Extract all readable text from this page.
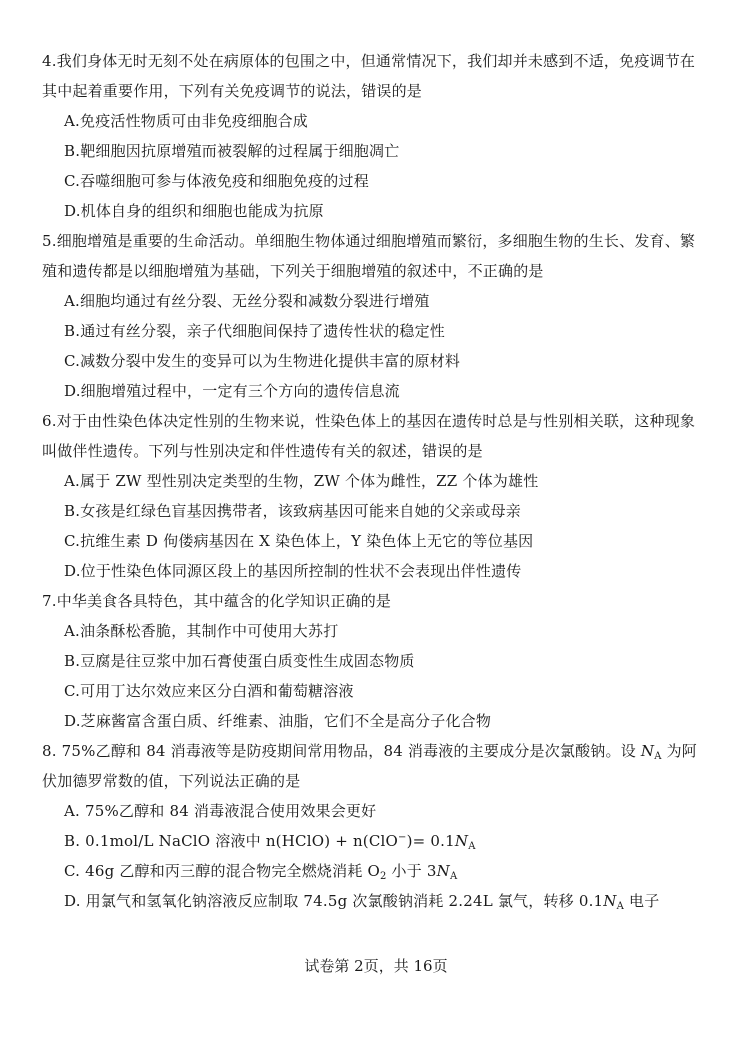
4.我们身体无时无刻不处在病原体的包围之中，但通常情况下，我们却并未感到不适，免疫调节在其中起着重要作用，下列有关免疫调节的说法，错误的是
A.免疫活性物质可由非免疫细胞合成
B.靶细胞因抗原增殖而被裂解的过程属于细胞凋亡
C.吞噬细胞可参与体液免疫和细胞免疫的过程
D.机体自身的组织和细胞也能成为抗原
5.细胞增殖是重要的生命活动。单细胞生物体通过细胞增殖而繁衍，多细胞生物的生长、发育、繁殖和遗传都是以细胞增殖为基础，下列关于细胞增殖的叙述中，不正确的是
A.细胞均通过有丝分裂、无丝分裂和减数分裂进行增殖
B.通过有丝分裂，亲子代细胞间保持了遗传性状的稳定性
C.减数分裂中发生的变异可以为生物进化提供丰富的原材料
D.细胞增殖过程中，一定有三个方向的遗传信息流
6.对于由性染色体决定性别的生物来说，性染色体上的基因在遗传时总是与性别相关联，这种现象叫做伴性遗传。下列与性别决定和伴性遗传有关的叙述，错误的是
A.属于 ZW 型性别决定类型的生物，ZW 个体为雌性，ZZ 个体为雄性
B.女孩是红绿色盲基因携带者，该致病基因可能来自她的父亲或母亲
C.抗维生素 D 佝偻病基因在 X 染色体上，Y 染色体上无它的等位基因
D.位于性染色体同源区段上的基因所控制的性状不会表现出伴性遗传
7.中华美食各具特色，其中蕴含的化学知识正确的是
A.油条酥松香脆，其制作中可使用大苏打
B.豆腐是往豆浆中加石膏使蛋白质变性生成固态物质
C.可用丁达尔效应来区分白酒和葡萄糖溶液
D.芝麻酱富含蛋白质、纤维素、油脂，它们不全是高分子化合物
8. 75%乙醇和 84 消毒液等是防疫期间常用物品，84 消毒液的主要成分是次氯酸钠。设 $N_A$ 为阿伏加德罗常数的值，下列说法正确的是
A. 75%乙醇和 84 消毒液混合使用效果会更好
B. 0.1mol/L NaClO 溶液中 n(HClO) + $n(ClO^-)= 0.1N_A$
C. 46g 乙醇和丙三醇的混合物完全燃烧消耗 $O_2$ 小于 $3N_A$
D. 用氯气和氢氧化钠溶液反应制取 74.5g 次氯酸钠消耗 2.24L 氯气，转移 $0.1N_A$ 电子
试卷第 2页，共 16页
